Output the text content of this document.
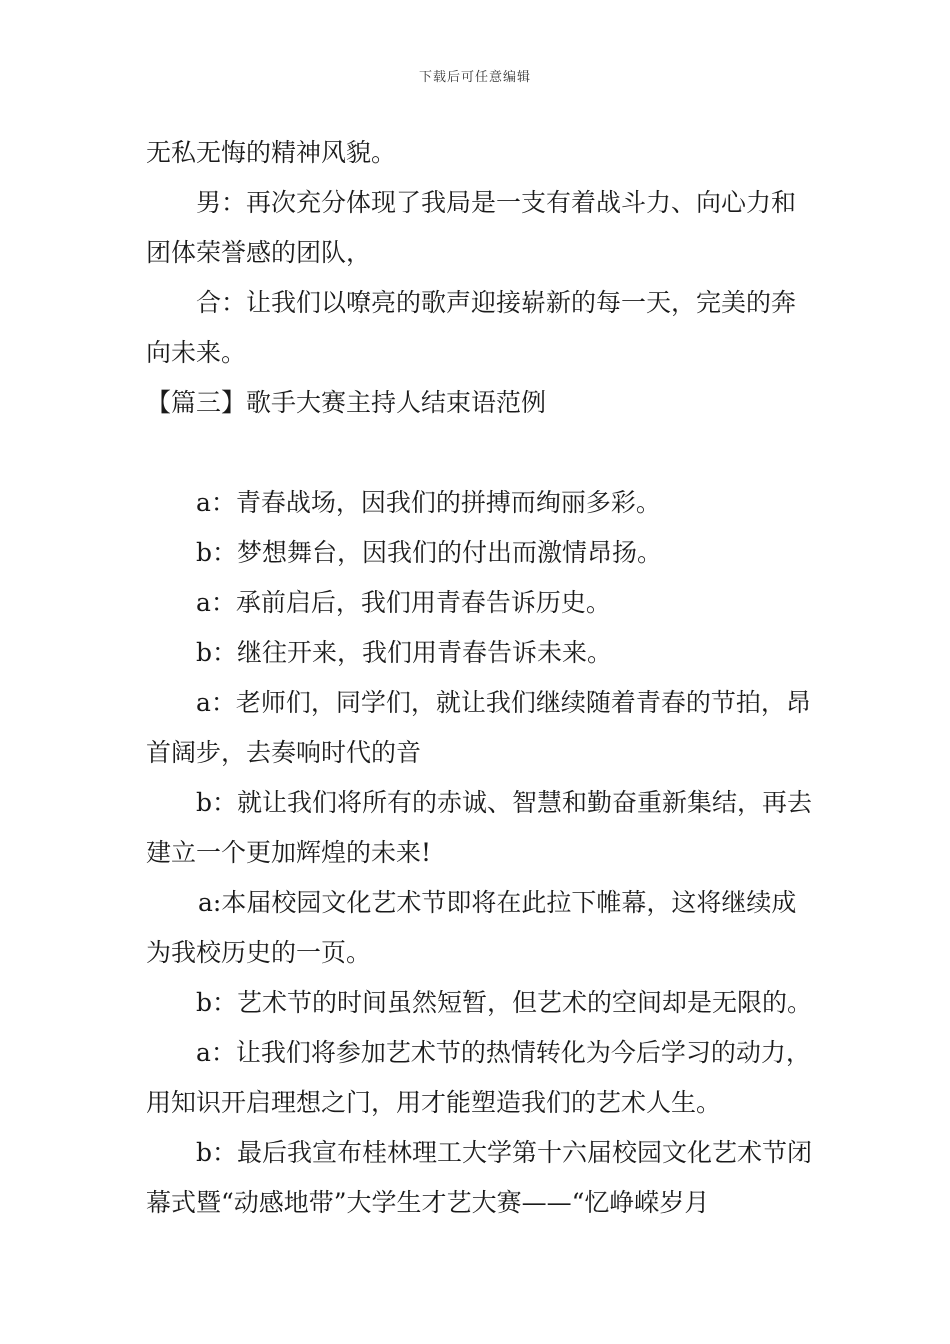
下载后可任意编辑

无私无悔的精神风貌。

男：再次充分体现了我局是一支有着战斗力、向心力和团体荣誉感的团队，

合：让我们以嘹亮的歌声迎接崭新的每一天，完美的奔向未来。

【篇三】歌手大赛主持人结束语范例

a：青春战场，因我们的拼搏而绚丽多彩。

b：梦想舞台，因我们的付出而激情昂扬。

a：承前启后，我们用青春告诉历史。

b：继往开来，我们用青春告诉未来。

a：老师们，同学们，就让我们继续随着青春的节拍，昂首阔步，去奏响时代的音

b：就让我们将所有的赤诚、智慧和勤奋重新集结，再去建立一个更加辉煌的未来!

a:本届校园文化艺术节即将在此拉下帷幕，这将继续成为我校历史的一页。

b：艺术节的时间虽然短暂，但艺术的空间却是无限的。

a：让我们将参加艺术节的热情转化为今后学习的动力，用知识开启理想之门，用才能塑造我们的艺术人生。

b：最后我宣布桂林理工大学第十六届校园文化艺术节闭幕式暨“动感地带”大学生才艺大赛——“忆峥嵘岁月
